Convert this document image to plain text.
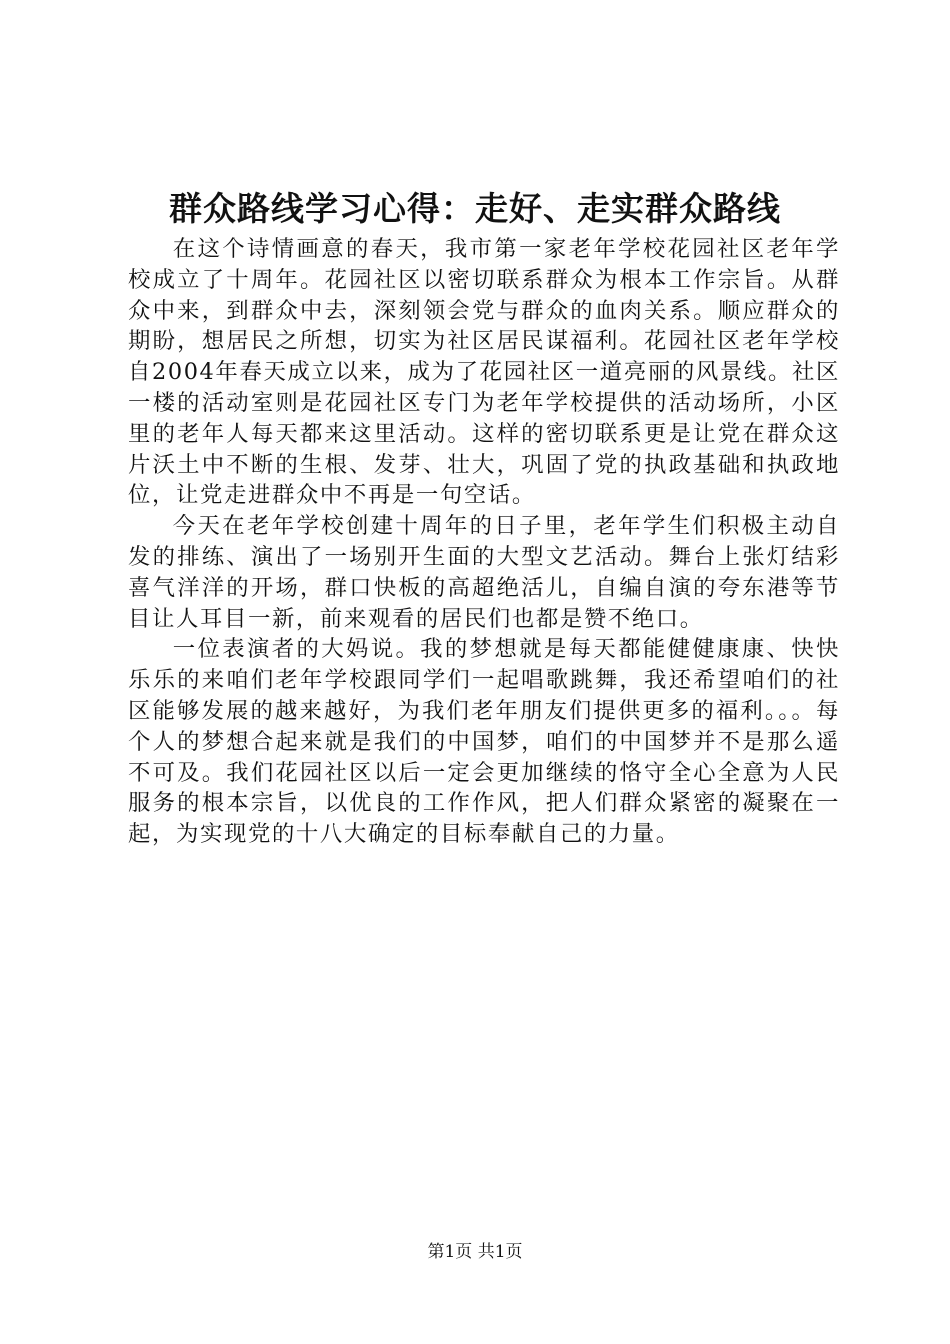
群众路线学习心得：走好、走实群众路线

在这个诗情画意的春天，我市第一家老年学校花园社区老年学校成立了十周年。花园社区以密切联系群众为根本工作宗旨。从群众中来，到群众中去，深刻领会党与群众的血肉关系。顺应群众的期盼，想居民之所想，切实为社区居民谋福利。花园社区老年学校自2004年春天成立以来，成为了花园社区一道亮丽的风景线。社区一楼的活动室则是花园社区专门为老年学校提供的活动场所，小区里的老年人每天都来这里活动。这样的密切联系更是让党在群众这片沃土中不断的生根、发芽、壮大，巩固了党的执政基础和执政地位，让党走进群众中不再是一句空话。

今天在老年学校创建十周年的日子里，老年学生们积极主动自发的排练、演出了一场别开生面的大型文艺活动。舞台上张灯结彩喜气洋洋的开场，群口快板的高超绝活儿，自编自演的夸东港等节目让人耳目一新，前来观看的居民们也都是赞不绝口。

一位表演者的大妈说。我的梦想就是每天都能健健康康、快快乐乐的来咱们老年学校跟同学们一起唱歌跳舞，我还希望咱们的社区能够发展的越来越好，为我们老年朋友们提供更多的福利。。。每个人的梦想合起来就是我们的中国梦，咱们的中国梦并不是那么遥不可及。我们花园社区以后一定会更加继续的恪守全心全意为人民服务的根本宗旨，以优良的工作作风，把人们群众紧密的凝聚在一起，为实现党的十八大确定的目标奉献自己的力量。

第1页 共1页
